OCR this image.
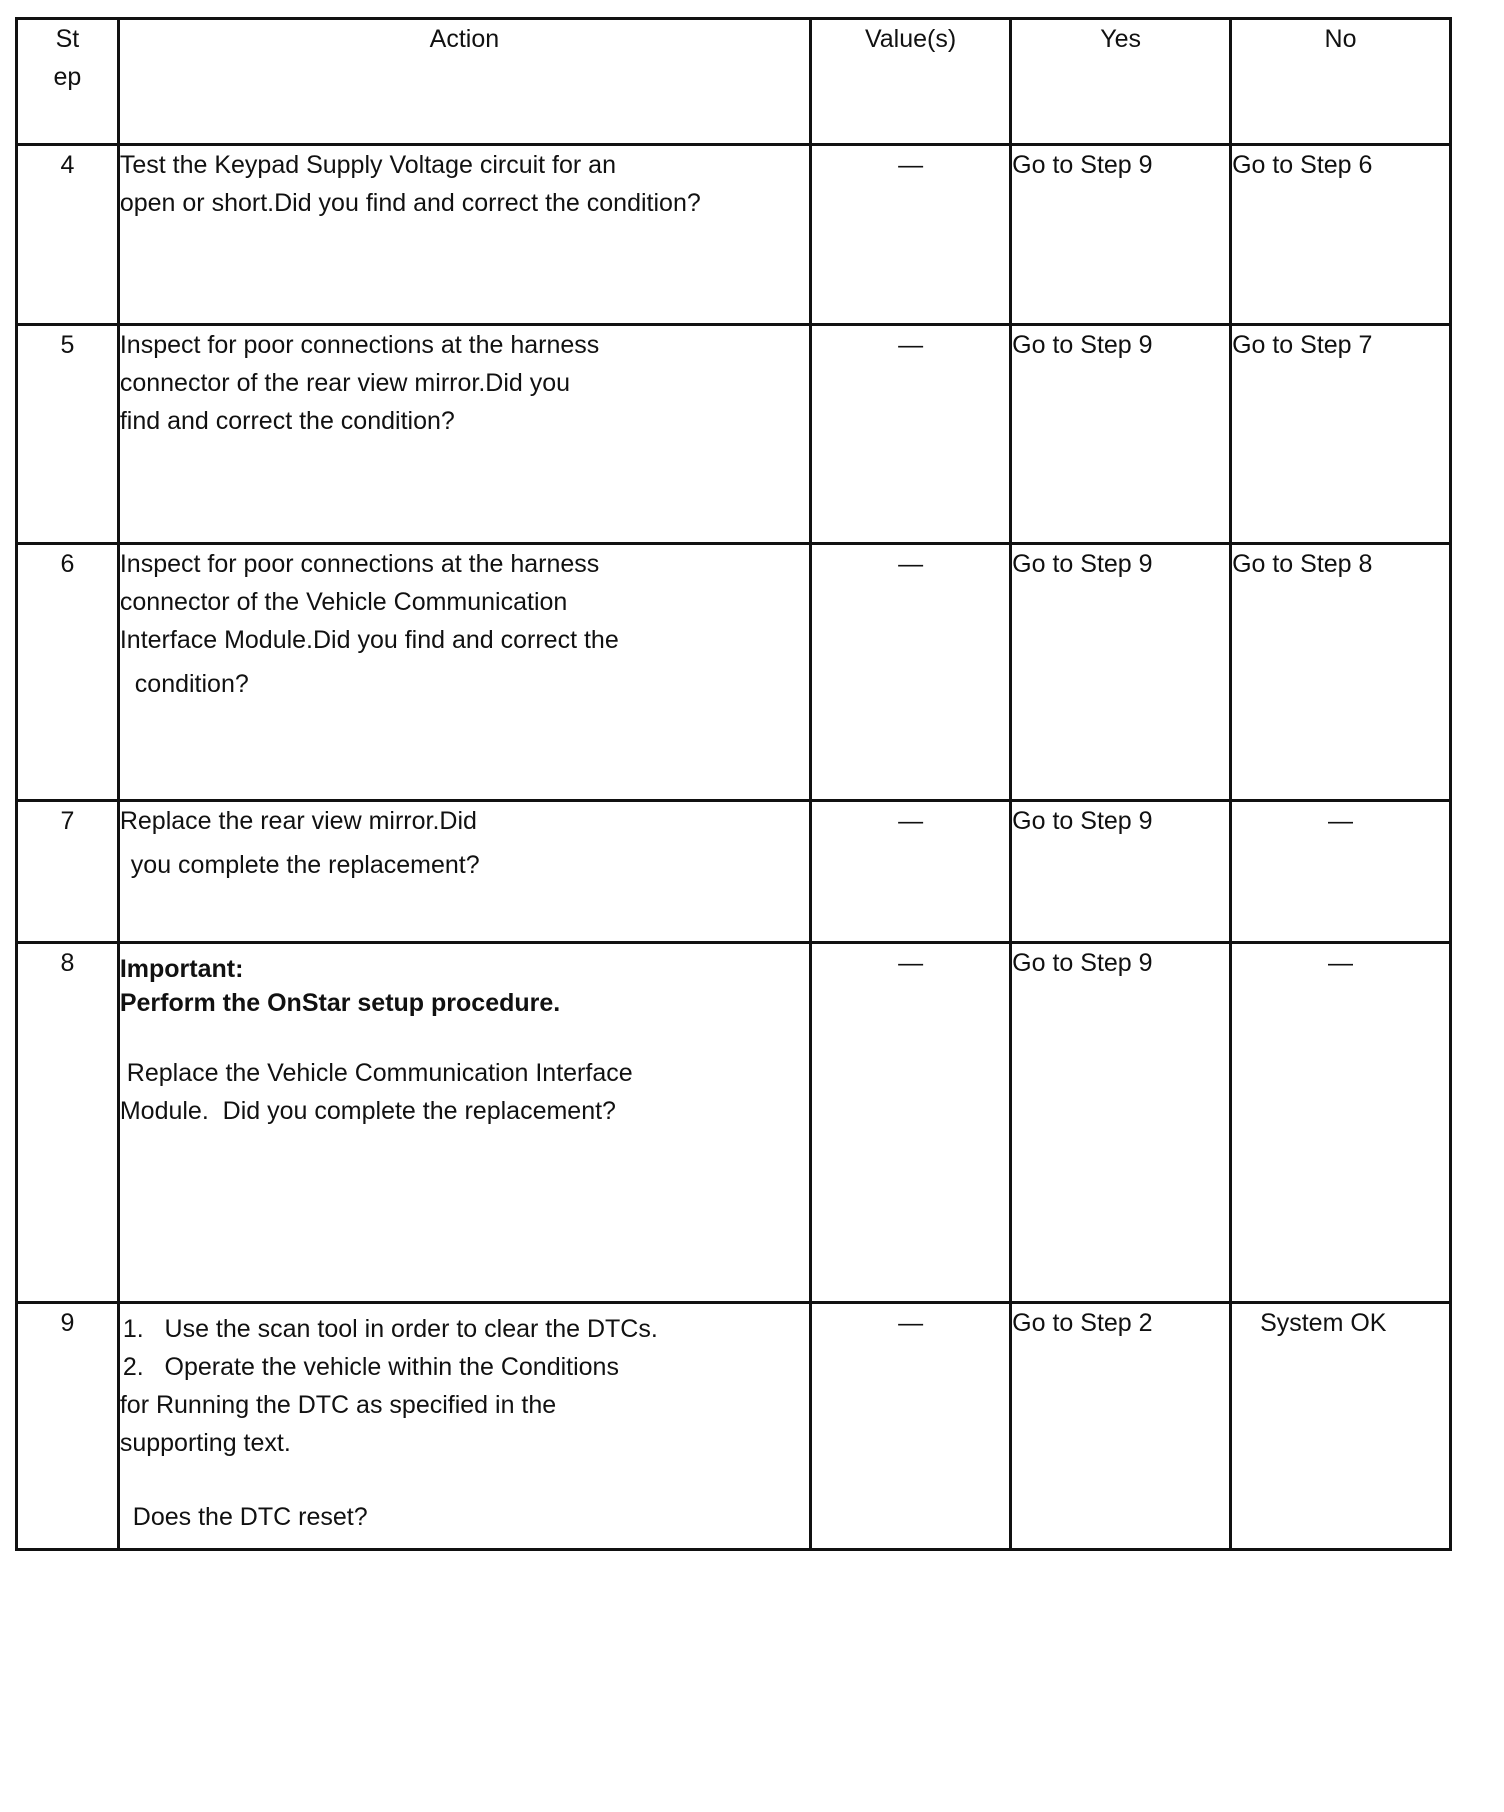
St
ep	Action	Value(s)	Yes	No
4	Test the Keypad Supply Voltage circuit for an
open or short.Did you find and correct the condition?	—	Go to Step 9	Go to Step 6
5	Inspect for poor connections at the harness
connector of the rear view mirror.Did you
find and correct the condition?	—	Go to Step 9	Go to Step 7
6	Inspect for poor connections at the harness
connector of the Vehicle Communication
Interface Module.Did you find and correct the
condition?	—	Go to Step 9	Go to Step 8
7	Replace the rear view mirror.Did
you complete the replacement?	—	Go to Step 9	—
8	Important:
Perform the OnStar setup procedure.
Replace the Vehicle Communication Interface
Module.  Did you complete the replacement?	—	Go to Step 9	—
9	1.   Use the scan tool in order to clear the DTCs.
2.   Operate the vehicle within the Conditions
for Running the DTC as specified in the
supporting text.
Does the DTC reset?	—	Go to Step 2	System OK
